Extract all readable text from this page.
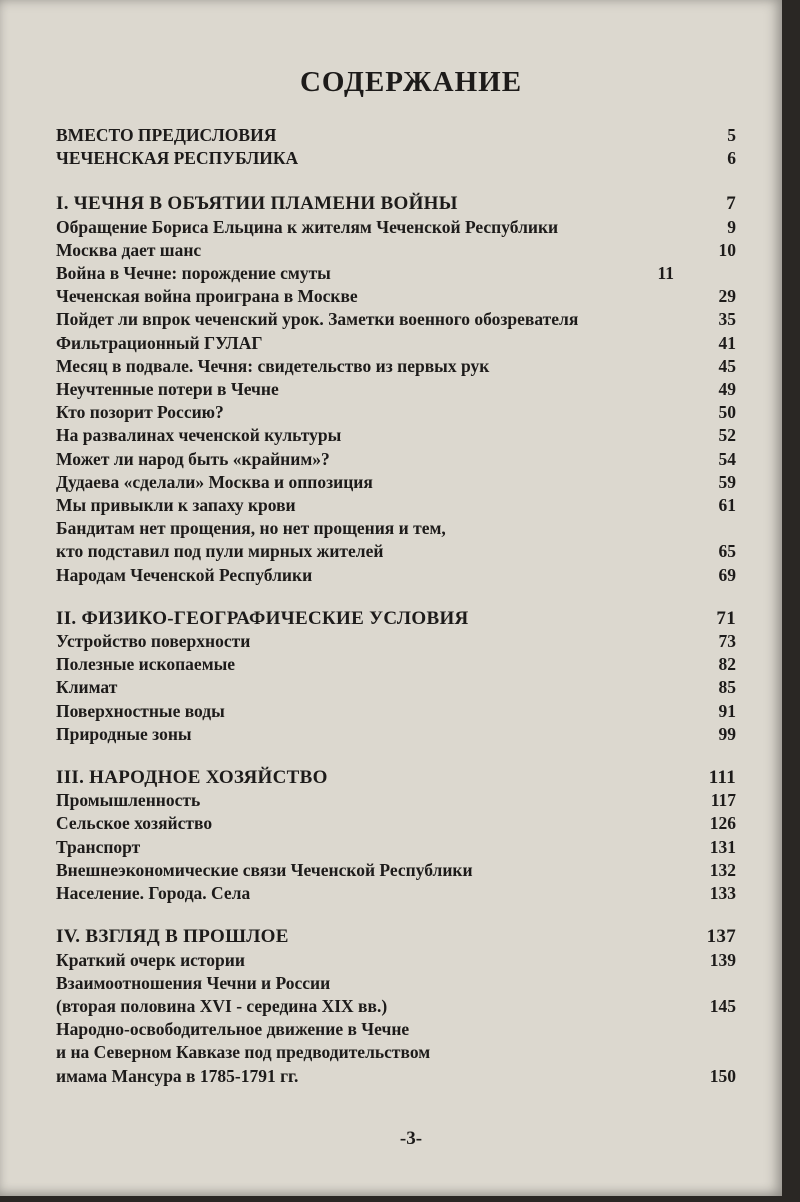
СОДЕРЖАНИЕ
ВМЕСТО ПРЕДИСЛОВИЯ	5
ЧЕЧЕНСКАЯ РЕСПУБЛИКА	6
I. ЧЕЧНЯ В ОБЪЯТИИ ПЛАМЕНИ ВОЙНЫ	7
Обращение Бориса Ельцина к жителям Чеченской Республики	9
Москва дает шанс	10
Война в Чечне: порождение смуты	11
Чеченская война проиграна в Москве	29
Пойдет ли впрок чеченский урок. Заметки военного обозревателя	35
Фильтрационный ГУЛАГ	41
Месяц в подвале. Чечня: свидетельство из первых рук	45
Неучтенные потери в Чечне	49
Кто позорит Россию?	50
На развалинах чеченской культуры	52
Может ли народ быть «крайним»?	54
Дудаева «сделали» Москва и оппозиция	59
Мы привыкли к запаху крови	61
Бандитам нет прощения, но нет прощения и тем,
кто подставил под пули мирных жителей	65
Народам Чеченской Республики	69
II. ФИЗИКО-ГЕОГРАФИЧЕСКИЕ УСЛОВИЯ	71
Устройство поверхности	73
Полезные ископаемые	82
Климат	85
Поверхностные воды	91
Природные зоны	99
III. НАРОДНОЕ ХОЗЯЙСТВО	111
Промышленность	117
Сельское хозяйство	126
Транспорт	131
Внешнеэкономические связи Чеченской Республики	132
Население. Города. Села	133
IV. ВЗГЛЯД В ПРОШЛОЕ	137
Краткий очерк истории	139
Взаимоотношения Чечни и России
(вторая половина XVI - середина XIX вв.)	145
Народно-освободительное движение в Чечне
и на Северном Кавказе под предводительством
имама Мансура в 1785-1791 гг.	150
-3-
